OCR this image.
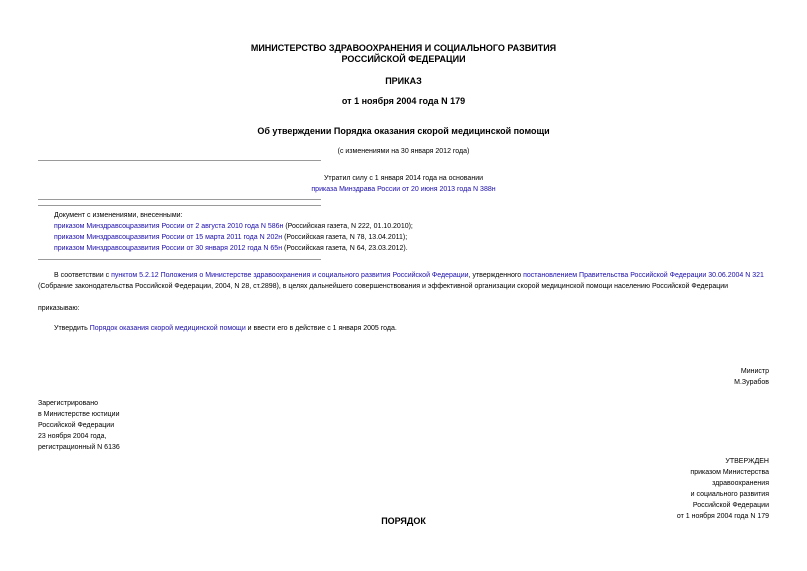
МИНИСТЕРСТВО ЗДРАВООХРАНЕНИЯ И СОЦИАЛЬНОГО РАЗВИТИЯ
РОССИЙСКОЙ ФЕДЕРАЦИИ
ПРИКАЗ
от 1 ноября 2004 года N 179
Об утверждении Порядка оказания скорой медицинской помощи
(с изменениями на 30 января 2012 года)
Утратил силу с 1 января 2014 года на основании
приказа Минздрава России от 20 июня 2013 года N 388н
Документ с изменениями, внесенными:
приказом Минздравсоцразвития России от 2 августа 2010 года N 586н (Российская газета, N 222, 01.10.2010);
приказом Минздравсоцразвития России от 15 марта 2011 года N 202н (Российская газета, N 78, 13.04.2011);
приказом Минздравсоцразвития России от 30 января 2012 года N 65н (Российская газета, N 64, 23.03.2012).
В соответствии с пунктом 5.2.12 Положения о Министерстве здравоохранения и социального развития Российской Федерации, утвержденного постановлением Правительства Российской Федерации 30.06.2004 N 321 (Собрание законодательства Российской Федерации, 2004, N 28, ст.2898), в целях дальнейшего совершенствования и эффективной организации скорой медицинской помощи населению Российской Федерации
приказываю:
Утвердить Порядок оказания скорой медицинской помощи и ввести его в действие с 1 января 2005 года.
Министр
М.Зурабов
Зарегистрировано
в Министерстве юстиции
Российской Федерации
23 ноября 2004 года,
регистрационный N 6136
УТВЕРЖДЕН
приказом Министерства
здравоохранения
и социального развития
Российской Федерации
от 1 ноября 2004 года N 179
ПОРЯДОК
